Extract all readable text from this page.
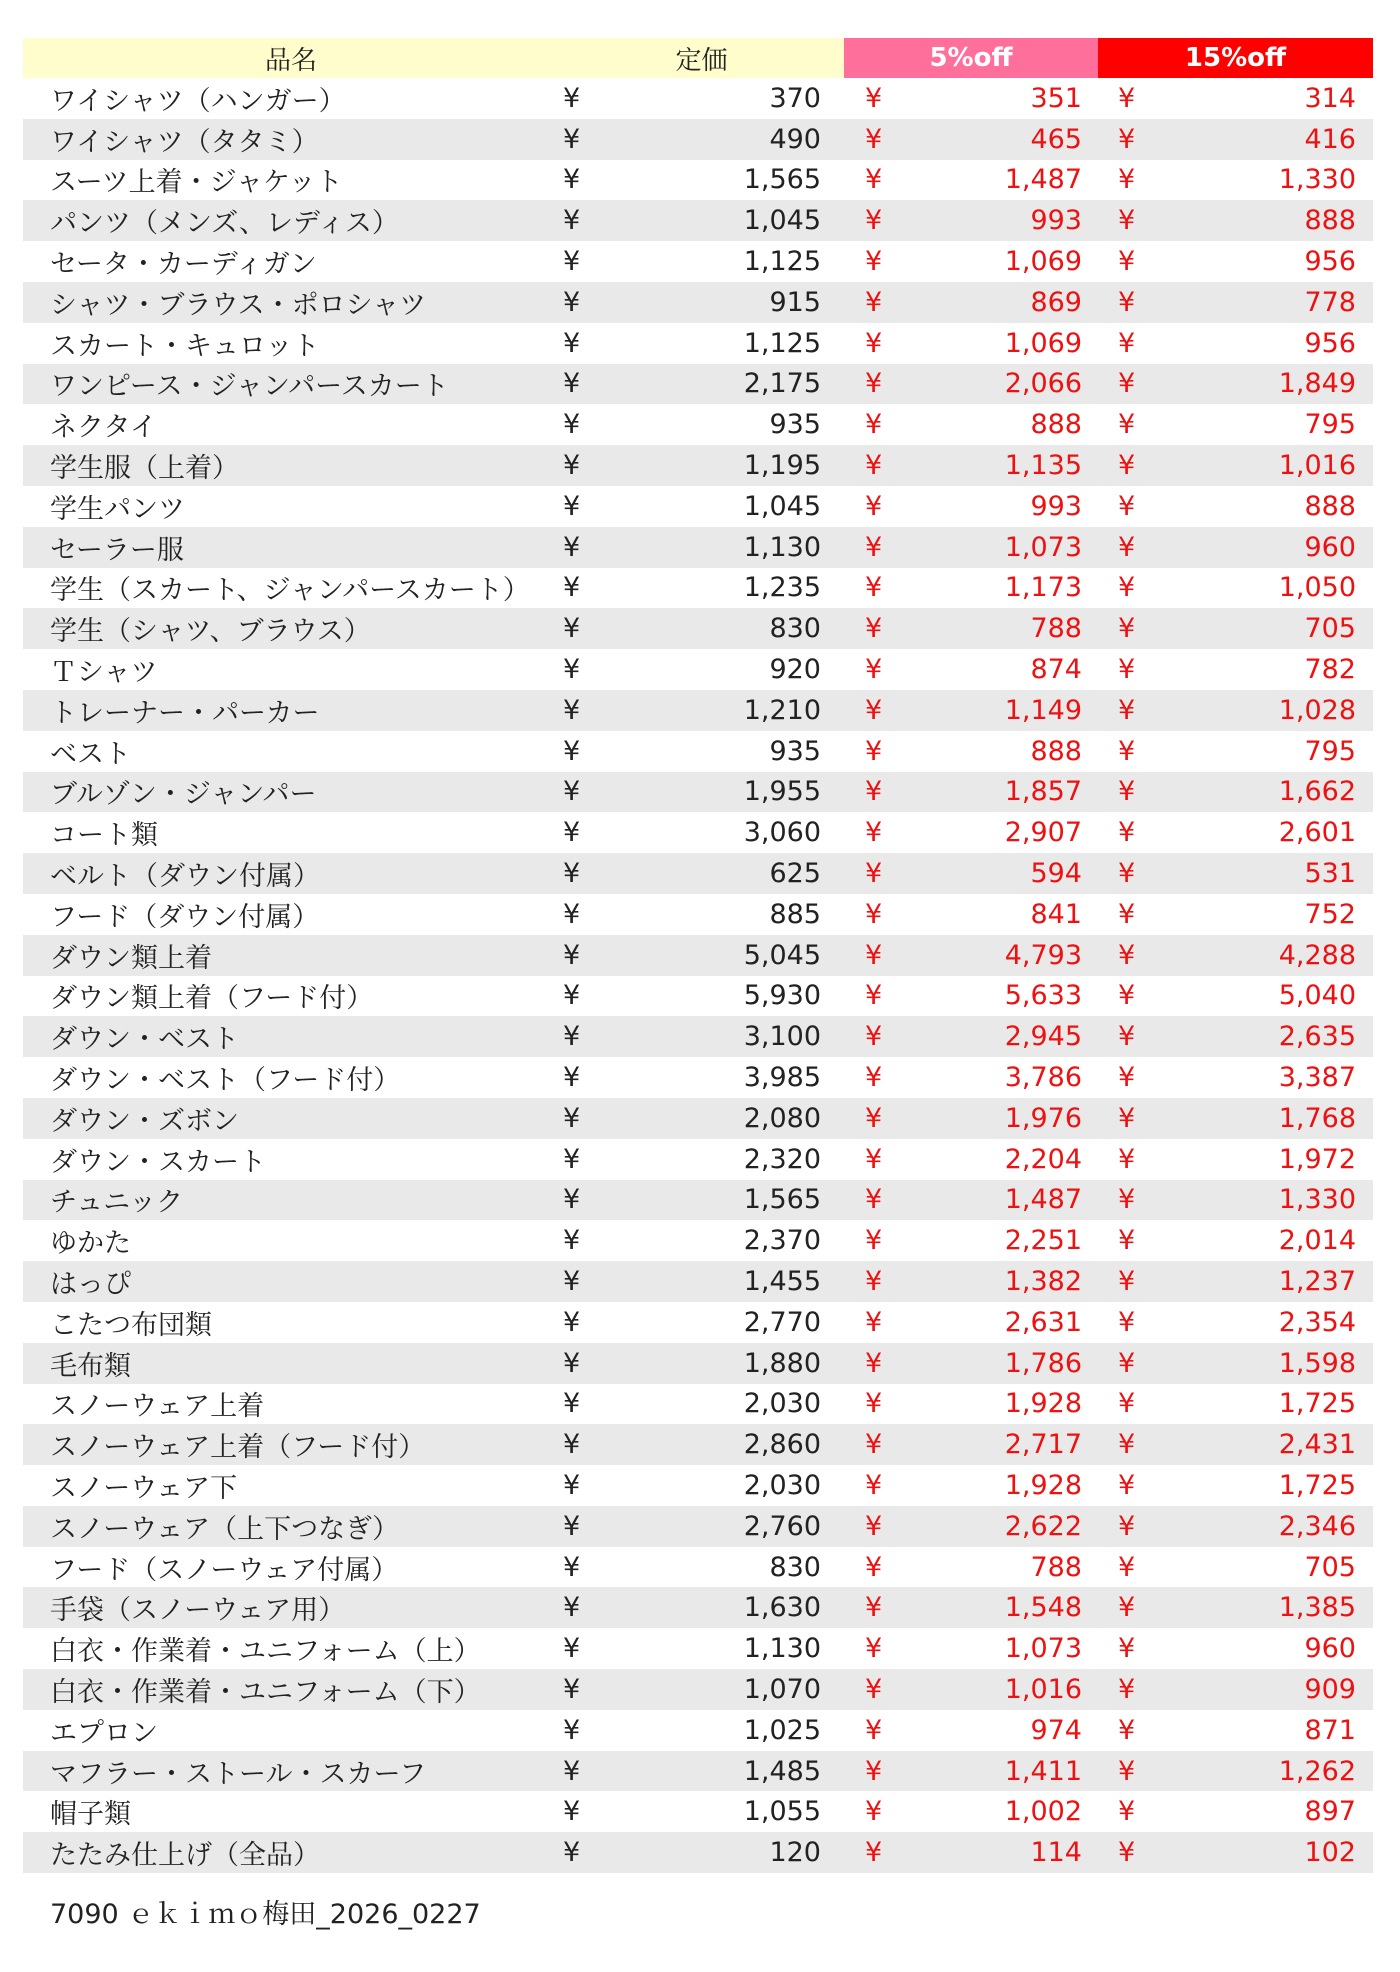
品名	定価	5%off	15%off
ワイシャツ（ハンガー）	¥	370	¥	351	¥	314
ワイシャツ（タタミ）	¥	490	¥	465	¥	416
スーツ上着・ジャケット	¥	1,565	¥	1,487	¥	1,330
パンツ（メンズ、レディス）	¥	1,045	¥	993	¥	888
セータ・カーディガン	¥	1,125	¥	1,069	¥	956
シャツ・ブラウス・ポロシャツ	¥	915	¥	869	¥	778
スカート・キュロット	¥	1,125	¥	1,069	¥	956
ワンピース・ジャンパースカート	¥	2,175	¥	2,066	¥	1,849
ネクタイ	¥	935	¥	888	¥	795
学生服（上着）	¥	1,195	¥	1,135	¥	1,016
学生パンツ	¥	1,045	¥	993	¥	888
セーラー服	¥	1,130	¥	1,073	¥	960
学生（スカート、ジャンパースカート）	¥	1,235	¥	1,173	¥	1,050
学生（シャツ、ブラウス）	¥	830	¥	788	¥	705
Ｔシャツ	¥	920	¥	874	¥	782
トレーナー・パーカー	¥	1,210	¥	1,149	¥	1,028
ベスト	¥	935	¥	888	¥	795
ブルゾン・ジャンパー	¥	1,955	¥	1,857	¥	1,662
コート類	¥	3,060	¥	2,907	¥	2,601
ベルト（ダウン付属）	¥	625	¥	594	¥	531
フード（ダウン付属）	¥	885	¥	841	¥	752
ダウン類上着	¥	5,045	¥	4,793	¥	4,288
ダウン類上着（フード付）	¥	5,930	¥	5,633	¥	5,040
ダウン・ベスト	¥	3,100	¥	2,945	¥	2,635
ダウン・ベスト（フード付）	¥	3,985	¥	3,786	¥	3,387
ダウン・ズボン	¥	2,080	¥	1,976	¥	1,768
ダウン・スカート	¥	2,320	¥	2,204	¥	1,972
チュニック	¥	1,565	¥	1,487	¥	1,330
ゆかた	¥	2,370	¥	2,251	¥	2,014
はっぴ	¥	1,455	¥	1,382	¥	1,237
こたつ布団類	¥	2,770	¥	2,631	¥	2,354
毛布類	¥	1,880	¥	1,786	¥	1,598
スノーウェア上着	¥	2,030	¥	1,928	¥	1,725
スノーウェア上着（フード付）	¥	2,860	¥	2,717	¥	2,431
スノーウェア下	¥	2,030	¥	1,928	¥	1,725
スノーウェア（上下つなぎ）	¥	2,760	¥	2,622	¥	2,346
フード（スノーウェア付属）	¥	830	¥	788	¥	705
手袋（スノーウェア用）	¥	1,630	¥	1,548	¥	1,385
白衣・作業着・ユニフォーム（上）	¥	1,130	¥	1,073	¥	960
白衣・作業着・ユニフォーム（下）	¥	1,070	¥	1,016	¥	909
エプロン	¥	1,025	¥	974	¥	871
マフラー・ストール・スカーフ	¥	1,485	¥	1,411	¥	1,262
帽子類	¥	1,055	¥	1,002	¥	897
たたみ仕上げ（全品）	¥	120	¥	114	¥	102
7090 ｅｋｉｍｏ梅田_2026_0227
